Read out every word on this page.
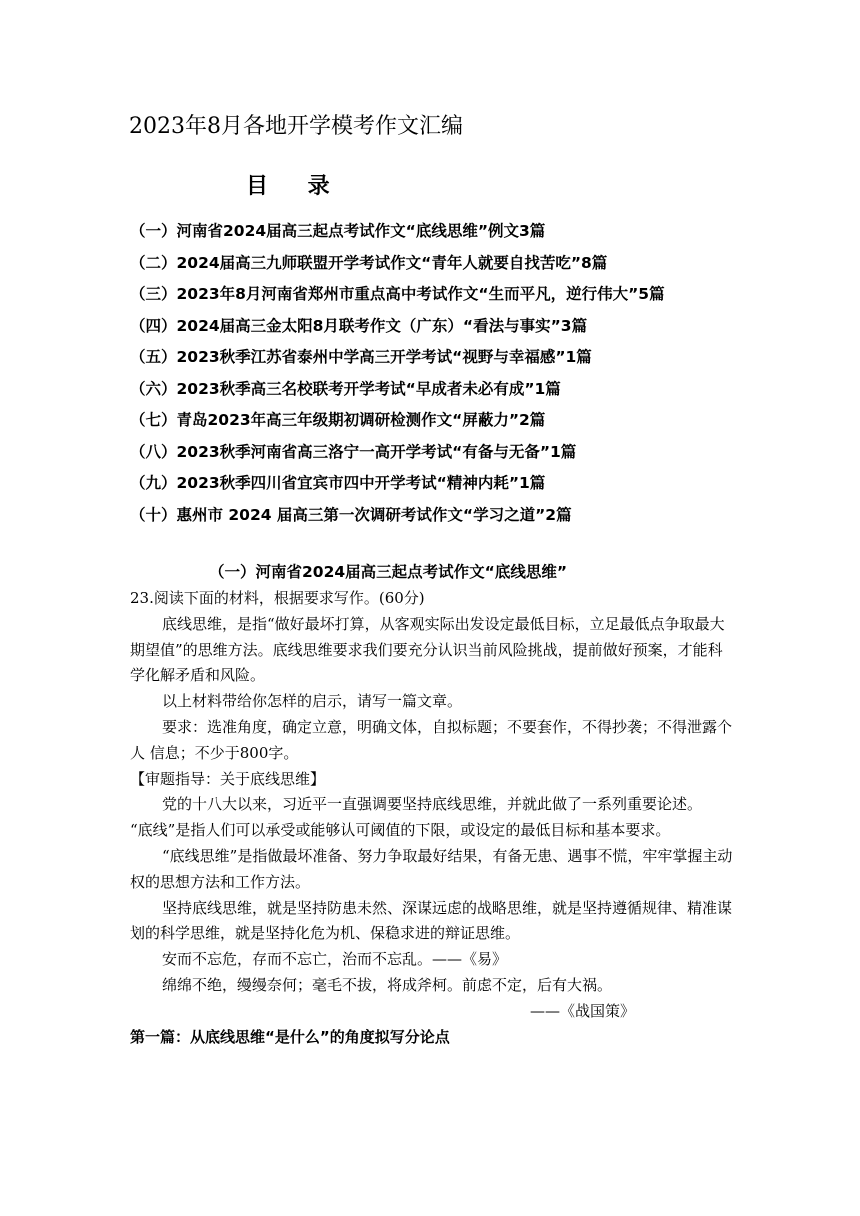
2023年8月各地开学模考作文汇编
目 录
（一）河南省2024届高三起点考试作文“底线思维”例文3篇
（二）2024届高三九师联盟开学考试作文“青年人就要自找苦吃”8篇
（三）2023年8月河南省郑州市重点高中考试作文“生而平凡，逆行伟大”5篇
（四）2024届高三金太阳8月联考作文（广东）“看法与事实”3篇
（五）2023秋季江苏省泰州中学高三开学考试“视野与幸福感”1篇
（六）2023秋季高三名校联考开学考试“早成者未必有成”1篇
（七）青岛2023年高三年级期初调研检测作文“屏蔽力”2篇
（八）2023秋季河南省高三洛宁一高开学考试“有备与无备”1篇
（九）2023秋季四川省宜宾市四中开学考试“精神内耗”1篇
（十）惠州市 2024 届高三第一次调研考试作文“学习之道”2篇
（一）河南省2024届高三起点考试作文“底线思维”

23.阅读下面的材料，根据要求写作。(60分)

底线思维，是指“做好最坏打算，从客观实际出发设定最低目标，立足最低点争取最大期望值”的思维方法。底线思维要求我们要充分认识当前风险挑战，提前做好预案，才能科学化解矛盾和风险。

以上材料带给你怎样的启示，请写一篇文章。

要求：选准角度，确定立意，明确文体，自拟标题；不要套作，不得抄袭；不得泄露个人 信息；不少于800字。

【审题指导：关于底线思维】

党的十八大以来，习近平一直强调要坚持底线思维，并就此做了一系列重要论述。

“底线”是指人们可以承受或能够认可阈值的下限，或设定的最低目标和基本要求。

“底线思维”是指做最坏准备、努力争取最好结果，有备无患、遇事不慌，牢牢掌握主动权的思想方法和工作方法。

坚持底线思维，就是坚持防患未然、深谋远虑的战略思维，就是坚持遵循规律、精准谋划的科学思维，就是坚持化危为机、保稳求进的辩证思维。

安而不忘危，存而不忘亡，治而不忘乱。——《易》

绵绵不绝，缦缦奈何；毫毛不拔，将成斧柯。前虑不定，后有大祸。

——《战国策》

第一篇：从底线思维“是什么”的角度拟写分论点
